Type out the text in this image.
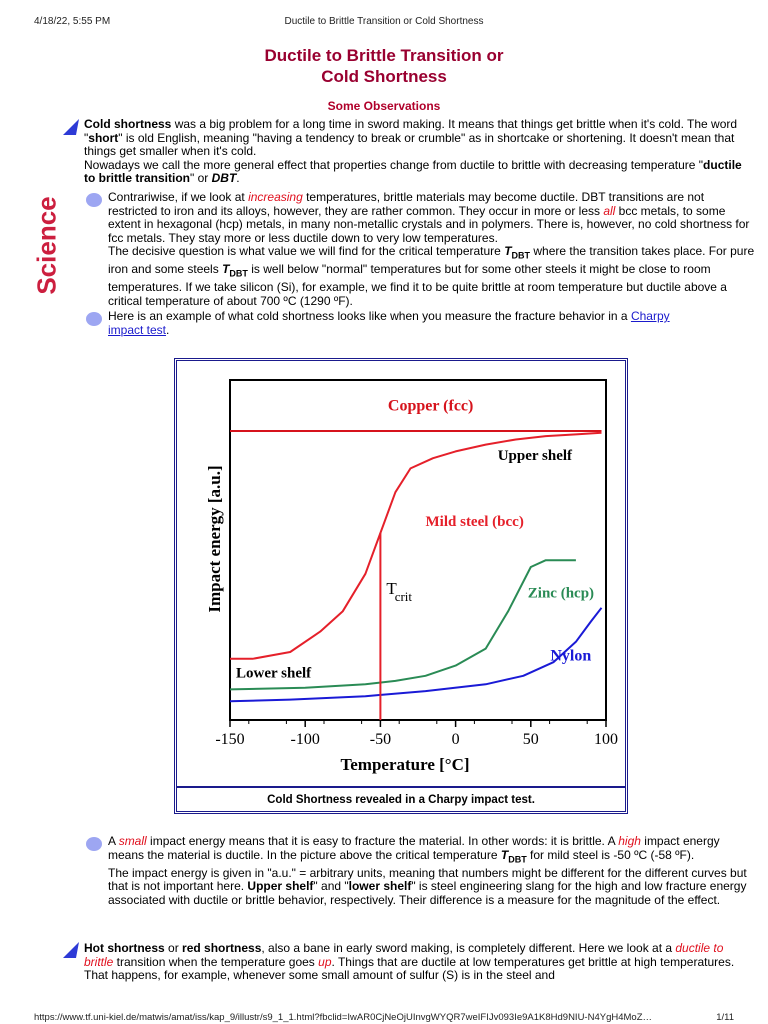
4/18/22, 5:55 PM	Ductile to Brittle Transition or Cold Shortness
Science
Ductile to Brittle Transition or
Cold Shortness
Some Observations
Cold shortness was a big problem for a long time in sword making. It means that things get brittle when it's cold. The word "short" is old English, meaning "having a tendency to break or crumble" as in shortcake or shortening. It doesn't mean that things get smaller when it's cold.
Nowadays we call the more general effect that properties change from ductile to brittle with decreasing temperature "ductile to brittle transition" or DBT.
Contrariwise, if we look at increasing temperatures, brittle materials may become ductile. DBT transitions are not restricted to iron and its alloys, however, they are rather common. They occur in more or less all bcc metals, to some extent in hexagonal (hcp) metals, in many non-metallic crystals and in polymers. There is, however, no cold shortness for fcc metals. They stay more or less ductile down to very low temperatures.
The decisive question is what value we will find for the critical temperature $T_{DBT}$ where the transition takes place. For pure iron and some steels $T_{DBT}$ is well below "normal" temperatures but for some other steels it might be close to room temperatures. If we take silicon (Si), for example, we find it to be quite brittle at room temperature but ductile above a critical temperature of about 700 ºC (1290 ºF).
Here is an example of what cold shortness looks like when you measure the fracture behavior in a Charpy impact test.
-150	-100	-50	0	50	100
Copper (fcc)
Mild steel (bcc)
Zinc (hcp)
Nylon
Upper shelf
Lower shelf
T
crit
Temperature [°C]
Impact energy [a.u.]
Cold Shortness revealed in a Charpy impact test.
A small impact energy means that it is easy to fracture the material. In other words: it is brittle. A high impact energy means the material is ductile. In the picture above the critical temperature $T_{DBT}$ for mild steel is -50 ºC (-58 ºF).
The impact energy is given in "a.u." = arbitrary units, meaning that numbers might be different for the different curves but that is not important here. Upper shelf" and "lower shelf" is steel engineering slang for the high and low fracture energy associated with ductile or brittle behavior, respectively. Their difference is a measure for the magnitude of the effect.
Hot shortness or red shortness, also a bane in early sword making, is completely different. Here we look at a ductile to brittle transition when the temperature goes up. Things that are ductile at low temperatures get brittle at high temperatures. That happens, for example, whenever some small amount of sulfur (S) is in the steel and
https://www.tf.uni-kiel.de/matwis/amat/iss/kap_9/illustr/s9_1_1.html?fbclid=IwAR0CjNeOjUInvgWYQR7weIFIJv093Ie9A1K8Hd9NIU-N4YgH4MoZ…	1/11
